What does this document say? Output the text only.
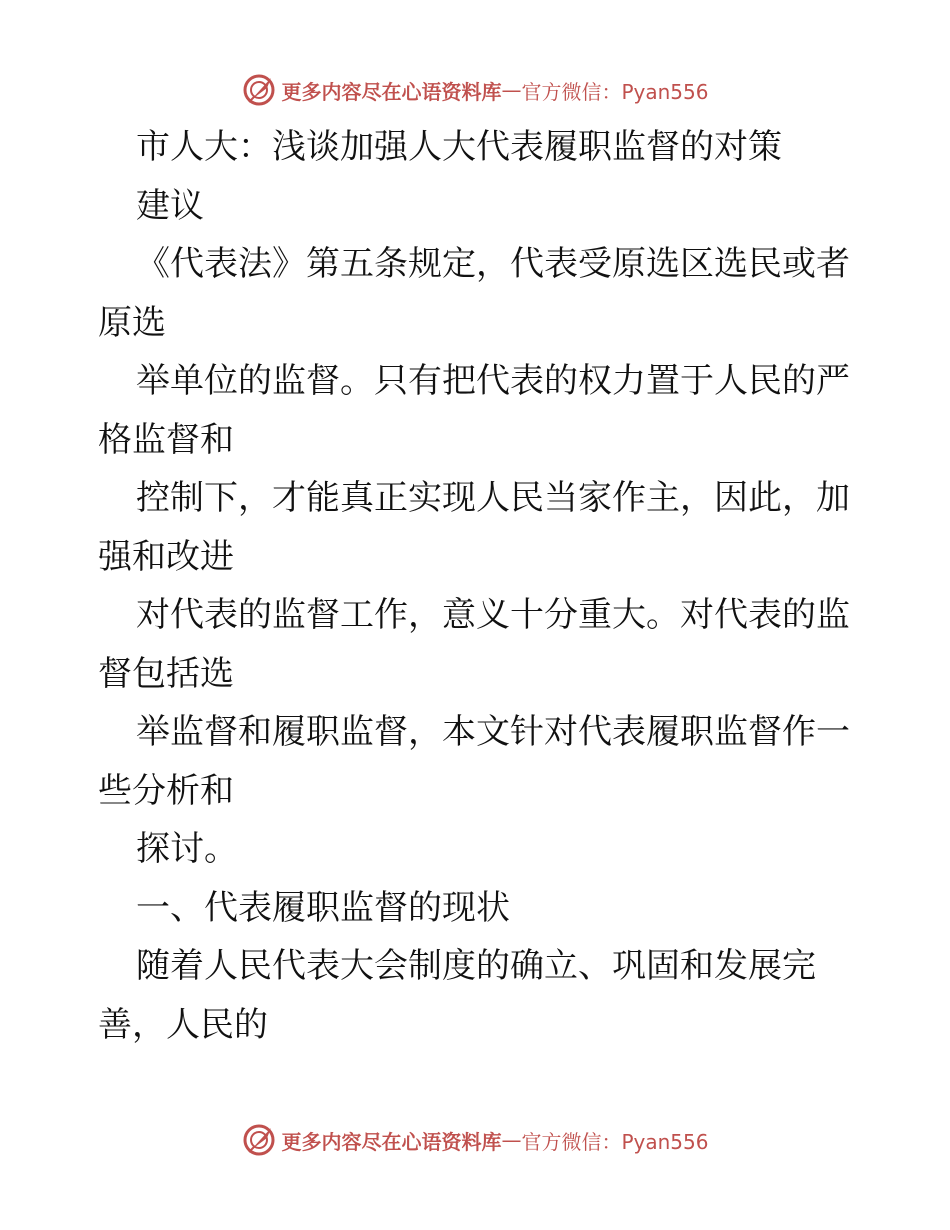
更多内容尽在心语资料库 — 官方微信：Pyan556
市人大：浅谈加强人大代表履职监督的对策
建议
《代表法》第五条规定，代表受原选区选民或者
原选
举单位的监督。只有把代表的权力置于人民的严
格监督和
控制下，才能真正实现人民当家作主，因此，加
强和改进
对代表的监督工作，意义十分重大。对代表的监
督包括选
举监督和履职监督，本文针对代表履职监督作一
些分析和
探讨。
一、代表履职监督的现状
随着人民代表大会制度的确立、巩固和发展完
善，人民的
更多内容尽在心语资料库 — 官方微信：Pyan556
